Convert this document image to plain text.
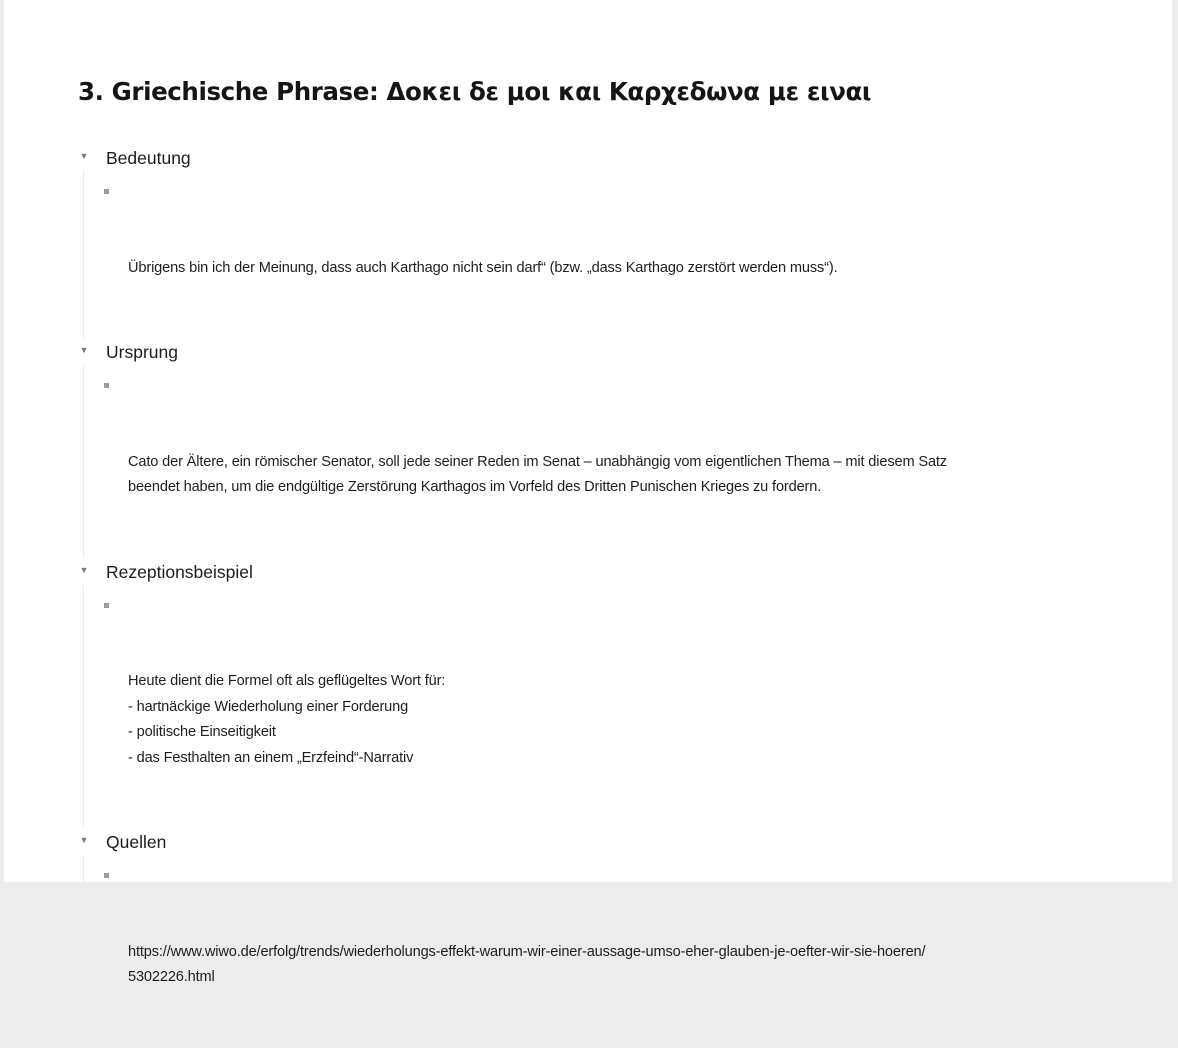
3. Griechische Phrase: Δοκει δε μοι και Καρχεδωνα με ειναι
▼ Bedeutung

Übrigens bin ich der Meinung, dass auch Karthago nicht sein darf“ (bzw. „dass Karthago zerstört werden muss“).

▼ Ursprung

Cato der Ältere, ein römischer Senator, soll jede seiner Reden im Senat – unabhängig vom eigentlichen Thema – mit diesem Satz
beendet haben, um die endgültige Zerstörung Karthagos im Vorfeld des Dritten Punischen Krieges zu fordern.

▼ Rezeptionsbeispiel

Heute dient die Formel oft als geflügeltes Wort für:
- hartnäckige Wiederholung einer Forderung
- politische Einseitigkeit
- das Festhalten an einem „Erzfeind“-Narrativ

▼ Quellen

https://www.wiwo.de/erfolg/trends/wiederholungs-effekt-warum-wir-einer-aussage-umso-eher-glauben-je-oefter-wir-sie-hoeren/
5302226.html
